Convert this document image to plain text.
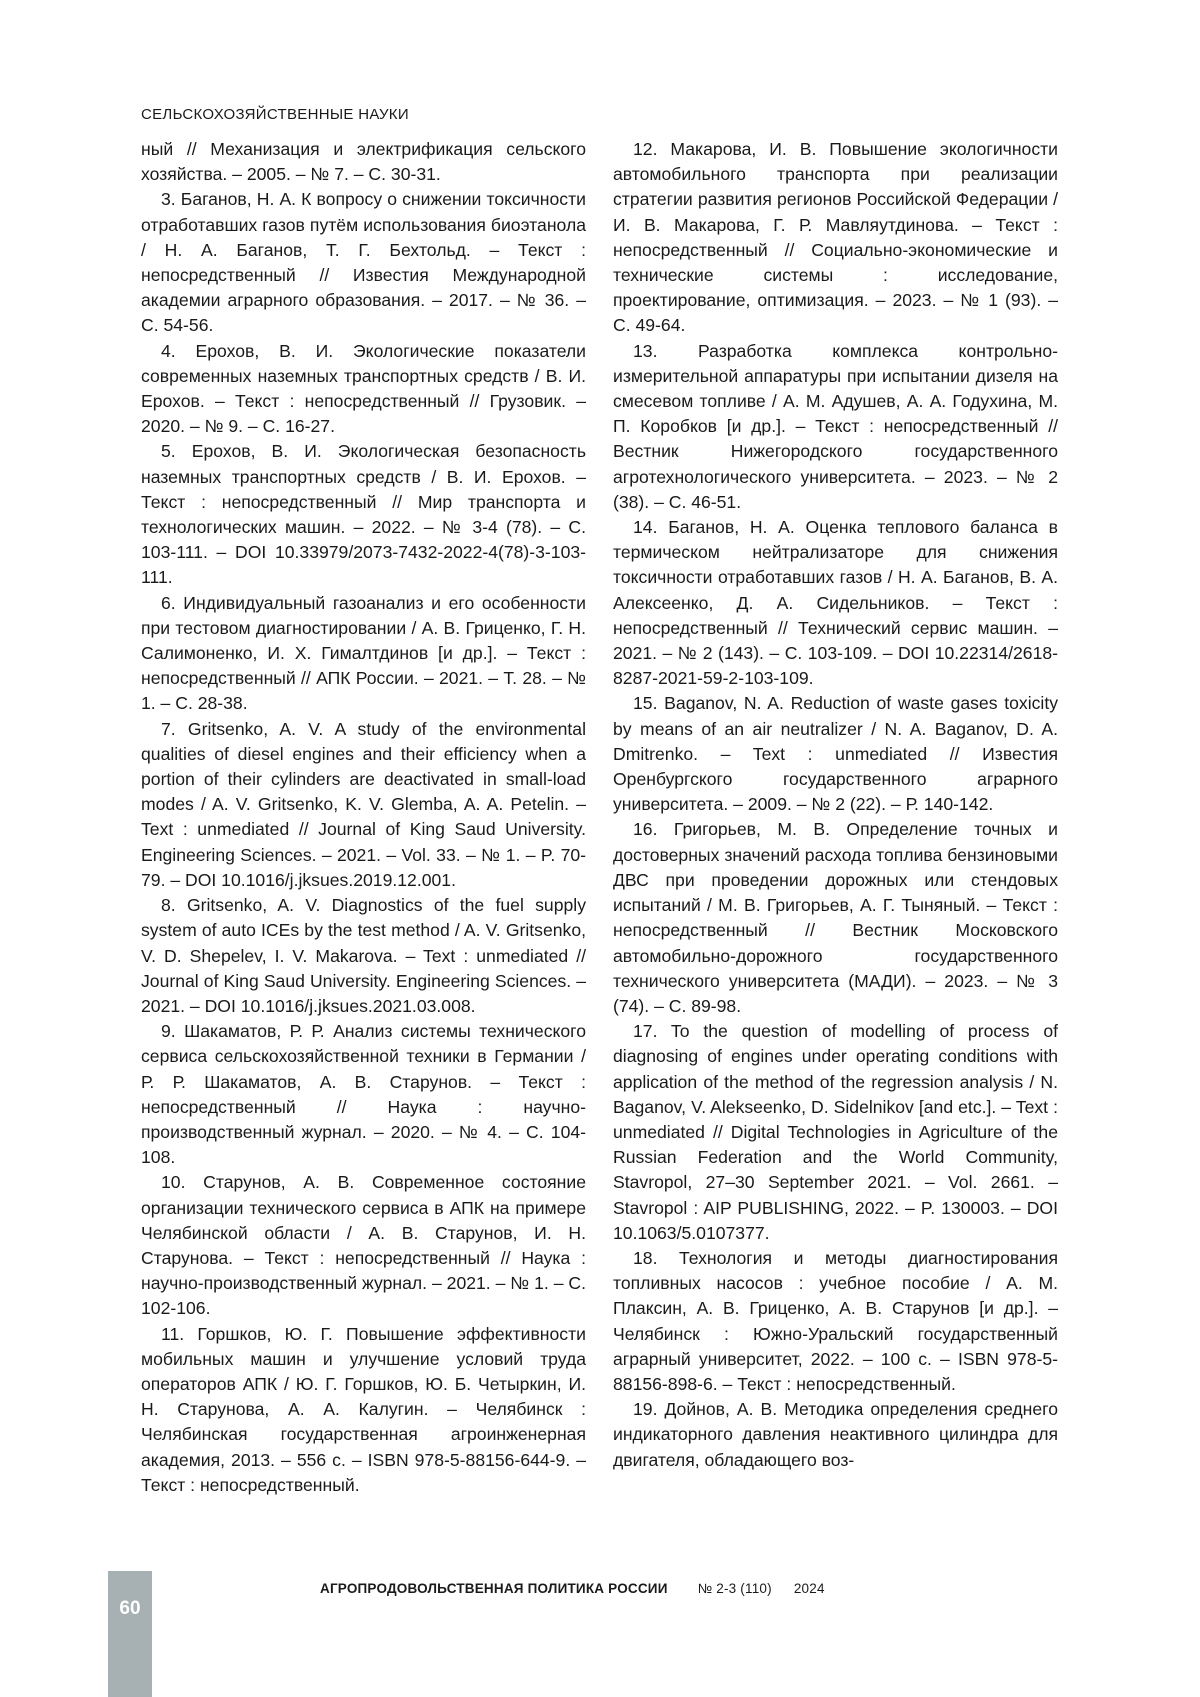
СЕЛЬСКОХОЗЯЙСТВЕННЫЕ НАУКИ

ный // Механизация и электрификация сельского хозяйства. – 2005. – № 7. – С. 30-31.

3. Баганов, Н. А. К вопросу о снижении токсичности отработавших газов путём использования биоэтанола / Н. А. Баганов, Т. Г. Бехтольд. – Текст : непосредственный // Известия Международной академии аграрного образования. – 2017. – № 36. – С. 54-56.

4. Ерохов, В. И. Экологические показатели современных наземных транспортных средств / В. И. Ерохов. – Текст : непосредственный // Грузовик. – 2020. – № 9. – С. 16-27.

5. Ерохов, В. И. Экологическая безопасность наземных транспортных средств / В. И. Ерохов. – Текст : непосредственный // Мир транспорта и технологических машин. – 2022. – № 3-4 (78). – С. 103-111. – DOI 10.33979/2073-7432-2022-4(78)-3-103-111.

6. Индивидуальный газоанализ и его особенности при тестовом диагностировании / А. В. Гриценко, Г. Н. Салимоненко, И. Х. Гималтдинов [и др.]. – Текст : непосредственный // АПК России. – 2021. – Т. 28. – № 1. – С. 28-38.

7. Gritsenko, A. V. A study of the environmental qualities of diesel engines and their efficiency when a portion of their cylinders are deactivated in small-load modes / A. V. Gritsenko, K. V. Glemba, A. A. Petelin. – Text : unmediated // Journal of King Saud University. Engineering Sciences. – 2021. – Vol. 33. – № 1. – P. 70-79. – DOI 10.1016/j.jksues.2019.12.001.

8. Gritsenko, A. V. Diagnostics of the fuel supply system of auto ICEs by the test method / A. V. Gritsenko, V. D. Shepelev, I. V. Makarova. – Text : unmediated // Journal of King Saud University. Engineering Sciences. – 2021. – DOI 10.1016/j.jksues.2021.03.008.

9. Шакаматов, Р. Р. Анализ системы технического сервиса сельскохозяйственной техники в Германии / Р. Р. Шакаматов, А. В. Старунов. – Текст : непосредственный // Наука : научно-производственный журнал. – 2020. – № 4. – С. 104-108.

10. Старунов, А. В. Современное состояние организации технического сервиса в АПК на примере Челябинской области / А. В. Старунов, И. Н. Старунова. – Текст : непосредственный // Наука : научно-производственный журнал. – 2021. – № 1. – С. 102-106.

11. Горшков, Ю. Г. Повышение эффективности мобильных машин и улучшение условий труда операторов АПК / Ю. Г. Горшков, Ю. Б. Четыркин, И. Н. Старунова, А. А. Калугин. – Челябинск : Челябинская государственная агроинженерная академия, 2013. – 556 с. – ISBN 978-5-88156-644-9. – Текст : непосредственный.

12. Макарова, И. В. Повышение экологичности автомобильного транспорта при реализации стратегии развития регионов Российской Федерации / И. В. Макарова, Г. Р. Мавляутдинова. – Текст : непосредственный // Социально-экономические и технические системы : исследование, проектирование, оптимизация. – 2023. – № 1 (93). – С. 49-64.

13. Разработка комплекса контрольно-измерительной аппаратуры при испытании дизеля на смесевом топливе / А. М. Адушев, А. А. Годухина, М. П. Коробков [и др.]. – Текст : непосредственный // Вестник Нижегородского государственного агротехнологического университета. – 2023. – № 2 (38). – С. 46-51.

14. Баганов, Н. А. Оценка теплового баланса в термическом нейтрализаторе для снижения токсичности отработавших газов / Н. А. Баганов, В. А. Алексеенко, Д. А. Сидельников. – Текст : непосредственный // Технический сервис машин. – 2021. – № 2 (143). – С. 103-109. – DOI 10.22314/2618-8287-2021-59-2-103-109.

15. Baganov, N. A. Reduction of waste gases toxicity by means of an air neutralizer / N. A. Baganov, D. A. Dmitrenko. – Text : unmediated // Известия Оренбургского государственного аграрного университета. – 2009. – № 2 (22). – Р. 140-142.

16. Григорьев, М. В. Определение точных и достоверных значений расхода топлива бензиновыми ДВС при проведении дорожных или стендовых испытаний / М. В. Григорьев, А. Г. Тыняный. – Текст : непосредственный // Вестник Московского автомобильно-дорожного государственного технического университета (МАДИ). – 2023. – № 3 (74). – С. 89-98.

17. To the question of modelling of process of diagnosing of engines under operating conditions with application of the method of the regression analysis / N. Baganov, V. Alekseenko, D. Sidelnikov [and etc.]. – Text : unmediated // Digital Technologies in Agriculture of the Russian Federation and the World Community, Stavropol, 27–30 September 2021. – Vol. 2661. – Stavropol : AIP PUBLISHING, 2022. – P. 130003. – DOI 10.1063/5.0107377.

18. Технология и методы диагностирования топливных насосов : учебное пособие / А. М. Плаксин, А. В. Гриценко, А. В. Старунов [и др.]. – Челябинск : Южно-Уральский государственный аграрный университет, 2022. – 100 с. – ISBN 978-5-88156-898-6. – Текст : непосредственный.

19. Дойнов, А. В. Методика определения среднего индикаторного давления неактивного цилиндра для двигателя, обладающего воз-

60
АГРОПРОДОВОЛЬСТВЕННАЯ ПОЛИТИКА РОССИИ № 2-3 (110) 2024
